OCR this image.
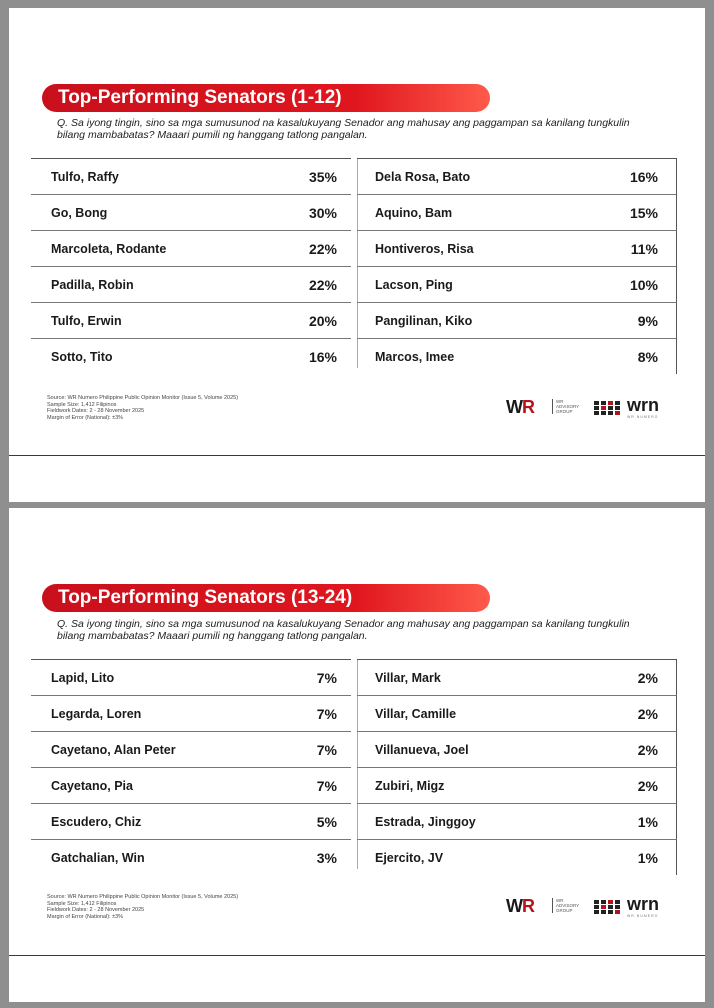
Top-Performing Senators (1-12)
Q. Sa iyong tingin, sino sa mga sumusunod na kasalukuyang Senador ang mahusay ang paggampan sa kanilang tungkulin bilang mambabatas? Maaari pumili ng hanggang tatlong pangalan.
Tulfo, Raffy	35%
Go, Bong	30%
Marcoleta, Rodante	22%
Padilla, Robin	22%
Tulfo, Erwin	20%
Sotto, Tito	16%
Dela Rosa, Bato	16%
Aquino, Bam	15%
Hontiveros, Risa	11%
Lacson, Ping	10%
Pangilinan, Kiko	9%
Marcos, Imee	8%
Source: WR Numero Philippine Public Opinion Monitor (Issue 5, Volume 2025)
Sample Size: 1,412 Filipinos
Fieldwork Dates: 2 - 28 November 2025
Margin of Error (National): ±3%
WR	WR ADVISORY GROUP	wrn
WR NUMERO
Top-Performing Senators (13-24)
Q. Sa iyong tingin, sino sa mga sumusunod na kasalukuyang Senador ang mahusay ang paggampan sa kanilang tungkulin bilang mambabatas? Maaari pumili ng hanggang tatlong pangalan.
Lapid, Lito	7%
Legarda, Loren	7%
Cayetano, Alan Peter	7%
Cayetano, Pia	7%
Escudero, Chiz	5%
Gatchalian, Win	3%
Villar, Mark	2%
Villar, Camille	2%
Villanueva, Joel	2%
Zubiri, Migz	2%
Estrada, Jinggoy	1%
Ejercito, JV	1%
Source: WR Numero Philippine Public Opinion Monitor (Issue 5, Volume 2025)
Sample Size: 1,412 Filipinos
Fieldwork Dates: 2 - 28 November 2025
Margin of Error (National): ±3%
WR	WR ADVISORY GROUP	wrn
WR NUMERO
